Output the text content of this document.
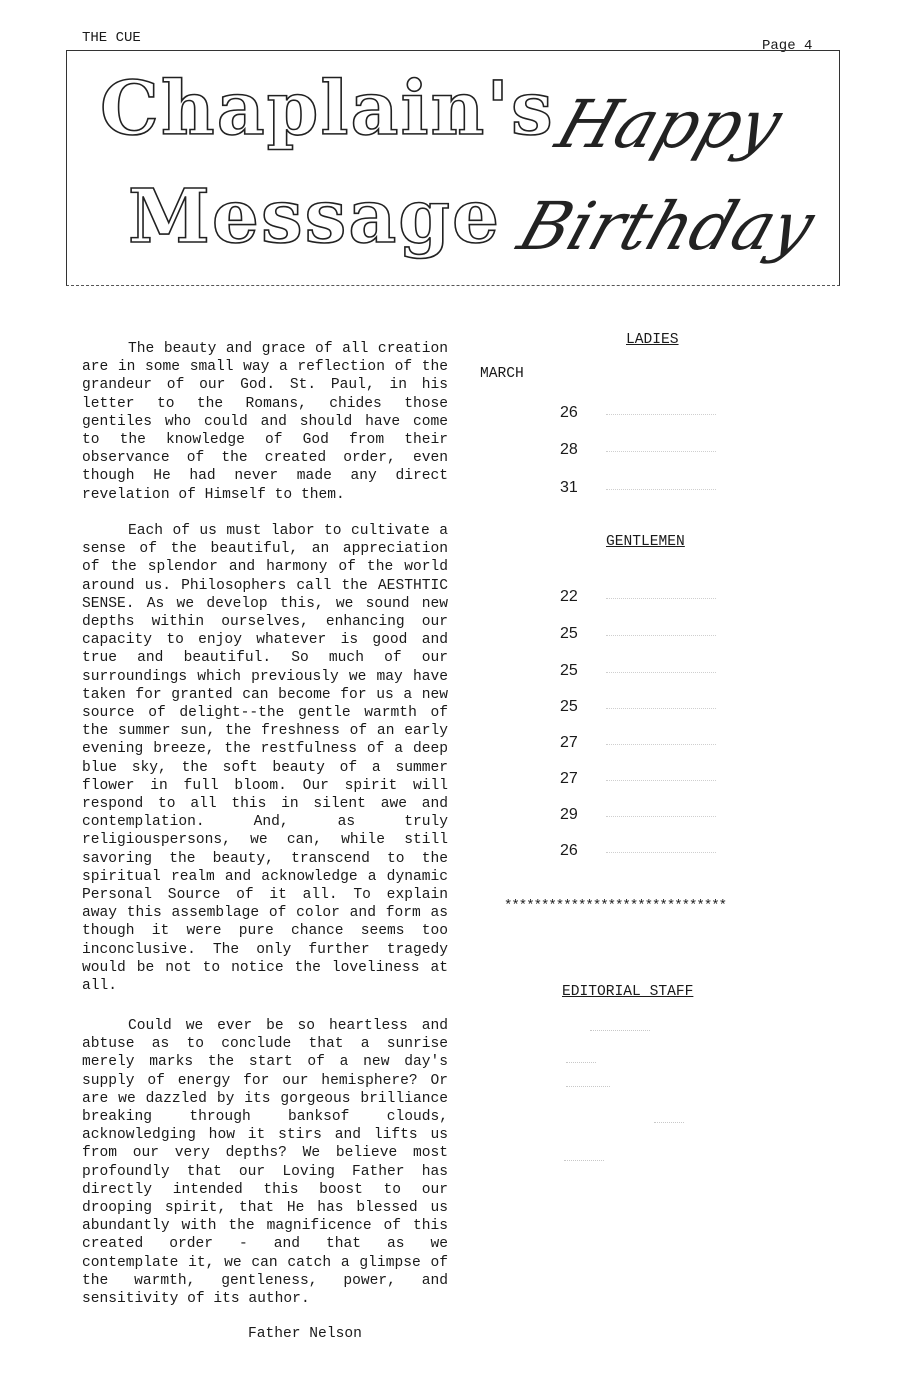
THE CUE	Page 4
Chaplain's
Message
Happy
Birthday

The beauty and grace of all creation are in some small way a reflection of the grandeur of our God. St. Paul, in his letter to the Romans, chides those gentiles who could and should have come to the knowledge of God from their observance of the created order, even though He had never made any direct revelation of Himself to them.

Each of us must labor to cultivate a sense of the beautiful, an appreciation of the splendor and harmony of the world around us. Philosophers call the AESTHTIC SENSE. As we develop this, we sound new depths within ourselves, enhancing our capacity to enjoy whatever is good and true and beautiful. So much of our surroundings which previously we may have taken for granted can become for us a new source of delight--the gentle warmth of the summer sun, the freshness of an early evening breeze, the restfulness of a deep blue sky, the soft beauty of a summer flower in full bloom. Our spirit will respond to all this in silent awe and contemplation. And, as truly religiouspersons, we can, while still savoring the beauty, transcend to the spiritual realm and acknowledge a dynamic Personal Source of it all. To explain away this assemblage of color and form as though it were pure chance seems too inconclusive. The only further tragedy would be not to notice the loveliness at all.

Could we ever be so heartless and abtuse as to conclude that a sunrise merely marks the start of a new day's supply of energy for our hemisphere? Or are we dazzled by its gorgeous brilliance breaking through banksof clouds, acknowledging how it stirs and lifts us from our very depths? We believe most profoundly that our Loving Father has directly intended this boost to our drooping spirit, that He has blessed us abundantly with the magnificence of this created order - and that as we contemplate it, we can catch a glimpse of the warmth, gentleness, power, and sensitivity of its author.

Father Nelson
LADIES
MARCH
26
28
31
GENTLEMEN
22
25
25
25
27
27
29
26
******************************
EDITORIAL STAFF
